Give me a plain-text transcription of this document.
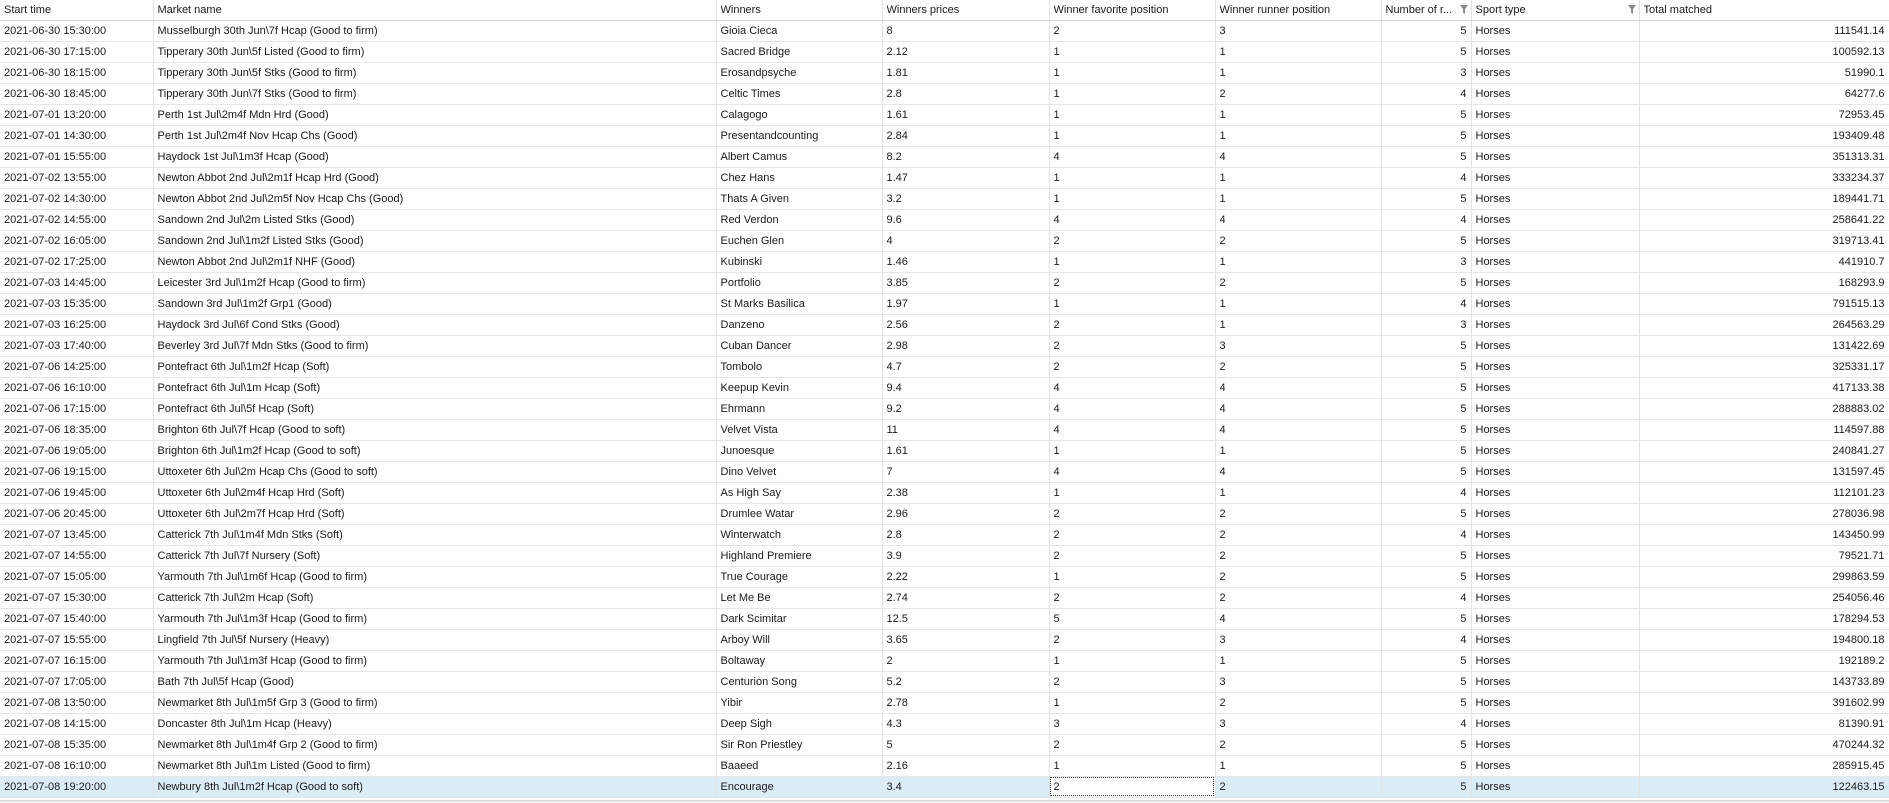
Start time	Market name	Winners	Winners prices	Winner favorite position	Winner runner position	Number of r...	Sport type	Total matched
2021-06-30 15:30:00	Musselburgh 30th Jun\7f Hcap (Good to firm)	Gioia Cieca	8	2	3	5	Horses	111541.14
2021-06-30 17:15:00	Tipperary 30th Jun\5f Listed (Good to firm)	Sacred Bridge	2.12	1	1	5	Horses	100592.13
2021-06-30 18:15:00	Tipperary 30th Jun\5f Stks (Good to firm)	Erosandpsyche	1.81	1	1	3	Horses	51990.1
2021-06-30 18:45:00	Tipperary 30th Jun\7f Stks (Good to firm)	Celtic Times	2.8	1	2	4	Horses	64277.6
2021-07-01 13:20:00	Perth 1st Jul\2m4f Mdn Hrd (Good)	Calagogo	1.61	1	1	5	Horses	72953.45
2021-07-01 14:30:00	Perth 1st Jul\2m4f Nov Hcap Chs (Good)	Presentandcounting	2.84	1	1	5	Horses	193409.48
2021-07-01 15:55:00	Haydock 1st Jul\1m3f Hcap (Good)	Albert Camus	8.2	4	4	5	Horses	351313.31
2021-07-02 13:55:00	Newton Abbot 2nd Jul\2m1f Hcap Hrd (Good)	Chez Hans	1.47	1	1	4	Horses	333234.37
2021-07-02 14:30:00	Newton Abbot 2nd Jul\2m5f Nov Hcap Chs (Good)	Thats A Given	3.2	1	1	5	Horses	189441.71
2021-07-02 14:55:00	Sandown 2nd Jul\2m Listed Stks (Good)	Red Verdon	9.6	4	4	4	Horses	258641.22
2021-07-02 16:05:00	Sandown 2nd Jul\1m2f Listed Stks (Good)	Euchen Glen	4	2	2	5	Horses	319713.41
2021-07-02 17:25:00	Newton Abbot 2nd Jul\2m1f NHF (Good)	Kubinski	1.46	1	1	3	Horses	441910.7
2021-07-03 14:45:00	Leicester 3rd Jul\1m2f Hcap (Good to firm)	Portfolio	3.85	2	2	5	Horses	168293.9
2021-07-03 15:35:00	Sandown 3rd Jul\1m2f Grp1 (Good)	St Marks Basilica	1.97	1	1	4	Horses	791515.13
2021-07-03 16:25:00	Haydock 3rd Jul\6f Cond Stks (Good)	Danzeno	2.56	2	1	3	Horses	264563.29
2021-07-03 17:40:00	Beverley 3rd Jul\7f Mdn Stks (Good to firm)	Cuban Dancer	2.98	2	3	5	Horses	131422.69
2021-07-06 14:25:00	Pontefract 6th Jul\1m2f Hcap (Soft)	Tombolo	4.7	2	2	5	Horses	325331.17
2021-07-06 16:10:00	Pontefract 6th Jul\1m Hcap (Soft)	Keepup Kevin	9.4	4	4	5	Horses	417133.38
2021-07-06 17:15:00	Pontefract 6th Jul\5f Hcap (Soft)	Ehrmann	9.2	4	4	5	Horses	288883.02
2021-07-06 18:35:00	Brighton 6th Jul\7f Hcap (Good to soft)	Velvet Vista	11	4	4	5	Horses	114597.88
2021-07-06 19:05:00	Brighton 6th Jul\1m2f Hcap (Good to soft)	Junoesque	1.61	1	1	5	Horses	240841.27
2021-07-06 19:15:00	Uttoxeter 6th Jul\2m Hcap Chs (Good to soft)	Dino Velvet	7	4	4	5	Horses	131597.45
2021-07-06 19:45:00	Uttoxeter 6th Jul\2m4f Hcap Hrd (Soft)	As High Say	2.38	1	1	4	Horses	112101.23
2021-07-06 20:45:00	Uttoxeter 6th Jul\2m7f Hcap Hrd (Soft)	Drumlee Watar	2.96	2	2	5	Horses	278036.98
2021-07-07 13:45:00	Catterick 7th Jul\1m4f Mdn Stks (Soft)	Winterwatch	2.8	2	2	4	Horses	143450.99
2021-07-07 14:55:00	Catterick 7th Jul\7f Nursery (Soft)	Highland Premiere	3.9	2	2	5	Horses	79521.71
2021-07-07 15:05:00	Yarmouth 7th Jul\1m6f Hcap (Good to firm)	True Courage	2.22	1	2	5	Horses	299863.59
2021-07-07 15:30:00	Catterick 7th Jul\2m Hcap (Soft)	Let Me Be	2.74	2	2	4	Horses	254056.46
2021-07-07 15:40:00	Yarmouth 7th Jul\1m3f Hcap (Good to firm)	Dark Scimitar	12.5	5	4	5	Horses	178294.53
2021-07-07 15:55:00	Lingfield 7th Jul\5f Nursery (Heavy)	Arboy Will	3.65	2	3	4	Horses	194800.18
2021-07-07 16:15:00	Yarmouth 7th Jul\1m3f Hcap (Good to firm)	Boltaway	2	1	1	5	Horses	192189.2
2021-07-07 17:05:00	Bath 7th Jul\5f Hcap (Good)	Centurion Song	5.2	2	3	5	Horses	143733.89
2021-07-08 13:50:00	Newmarket 8th Jul\1m5f Grp 3 (Good to firm)	Yibir	2.78	1	2	5	Horses	391602.99
2021-07-08 14:15:00	Doncaster 8th Jul\1m Hcap (Heavy)	Deep Sigh	4.3	3	3	4	Horses	81390.91
2021-07-08 15:35:00	Newmarket 8th Jul\1m4f Grp 2 (Good to firm)	Sir Ron Priestley	5	2	2	5	Horses	470244.32
2021-07-08 16:10:00	Newmarket 8th Jul\1m Listed (Good to firm)	Baaeed	2.16	1	1	5	Horses	285915.45
2021-07-08 19:20:00	Newbury 8th Jul\1m2f Hcap (Good to soft)	Encourage	3.4	2	2	5	Horses	122463.15
